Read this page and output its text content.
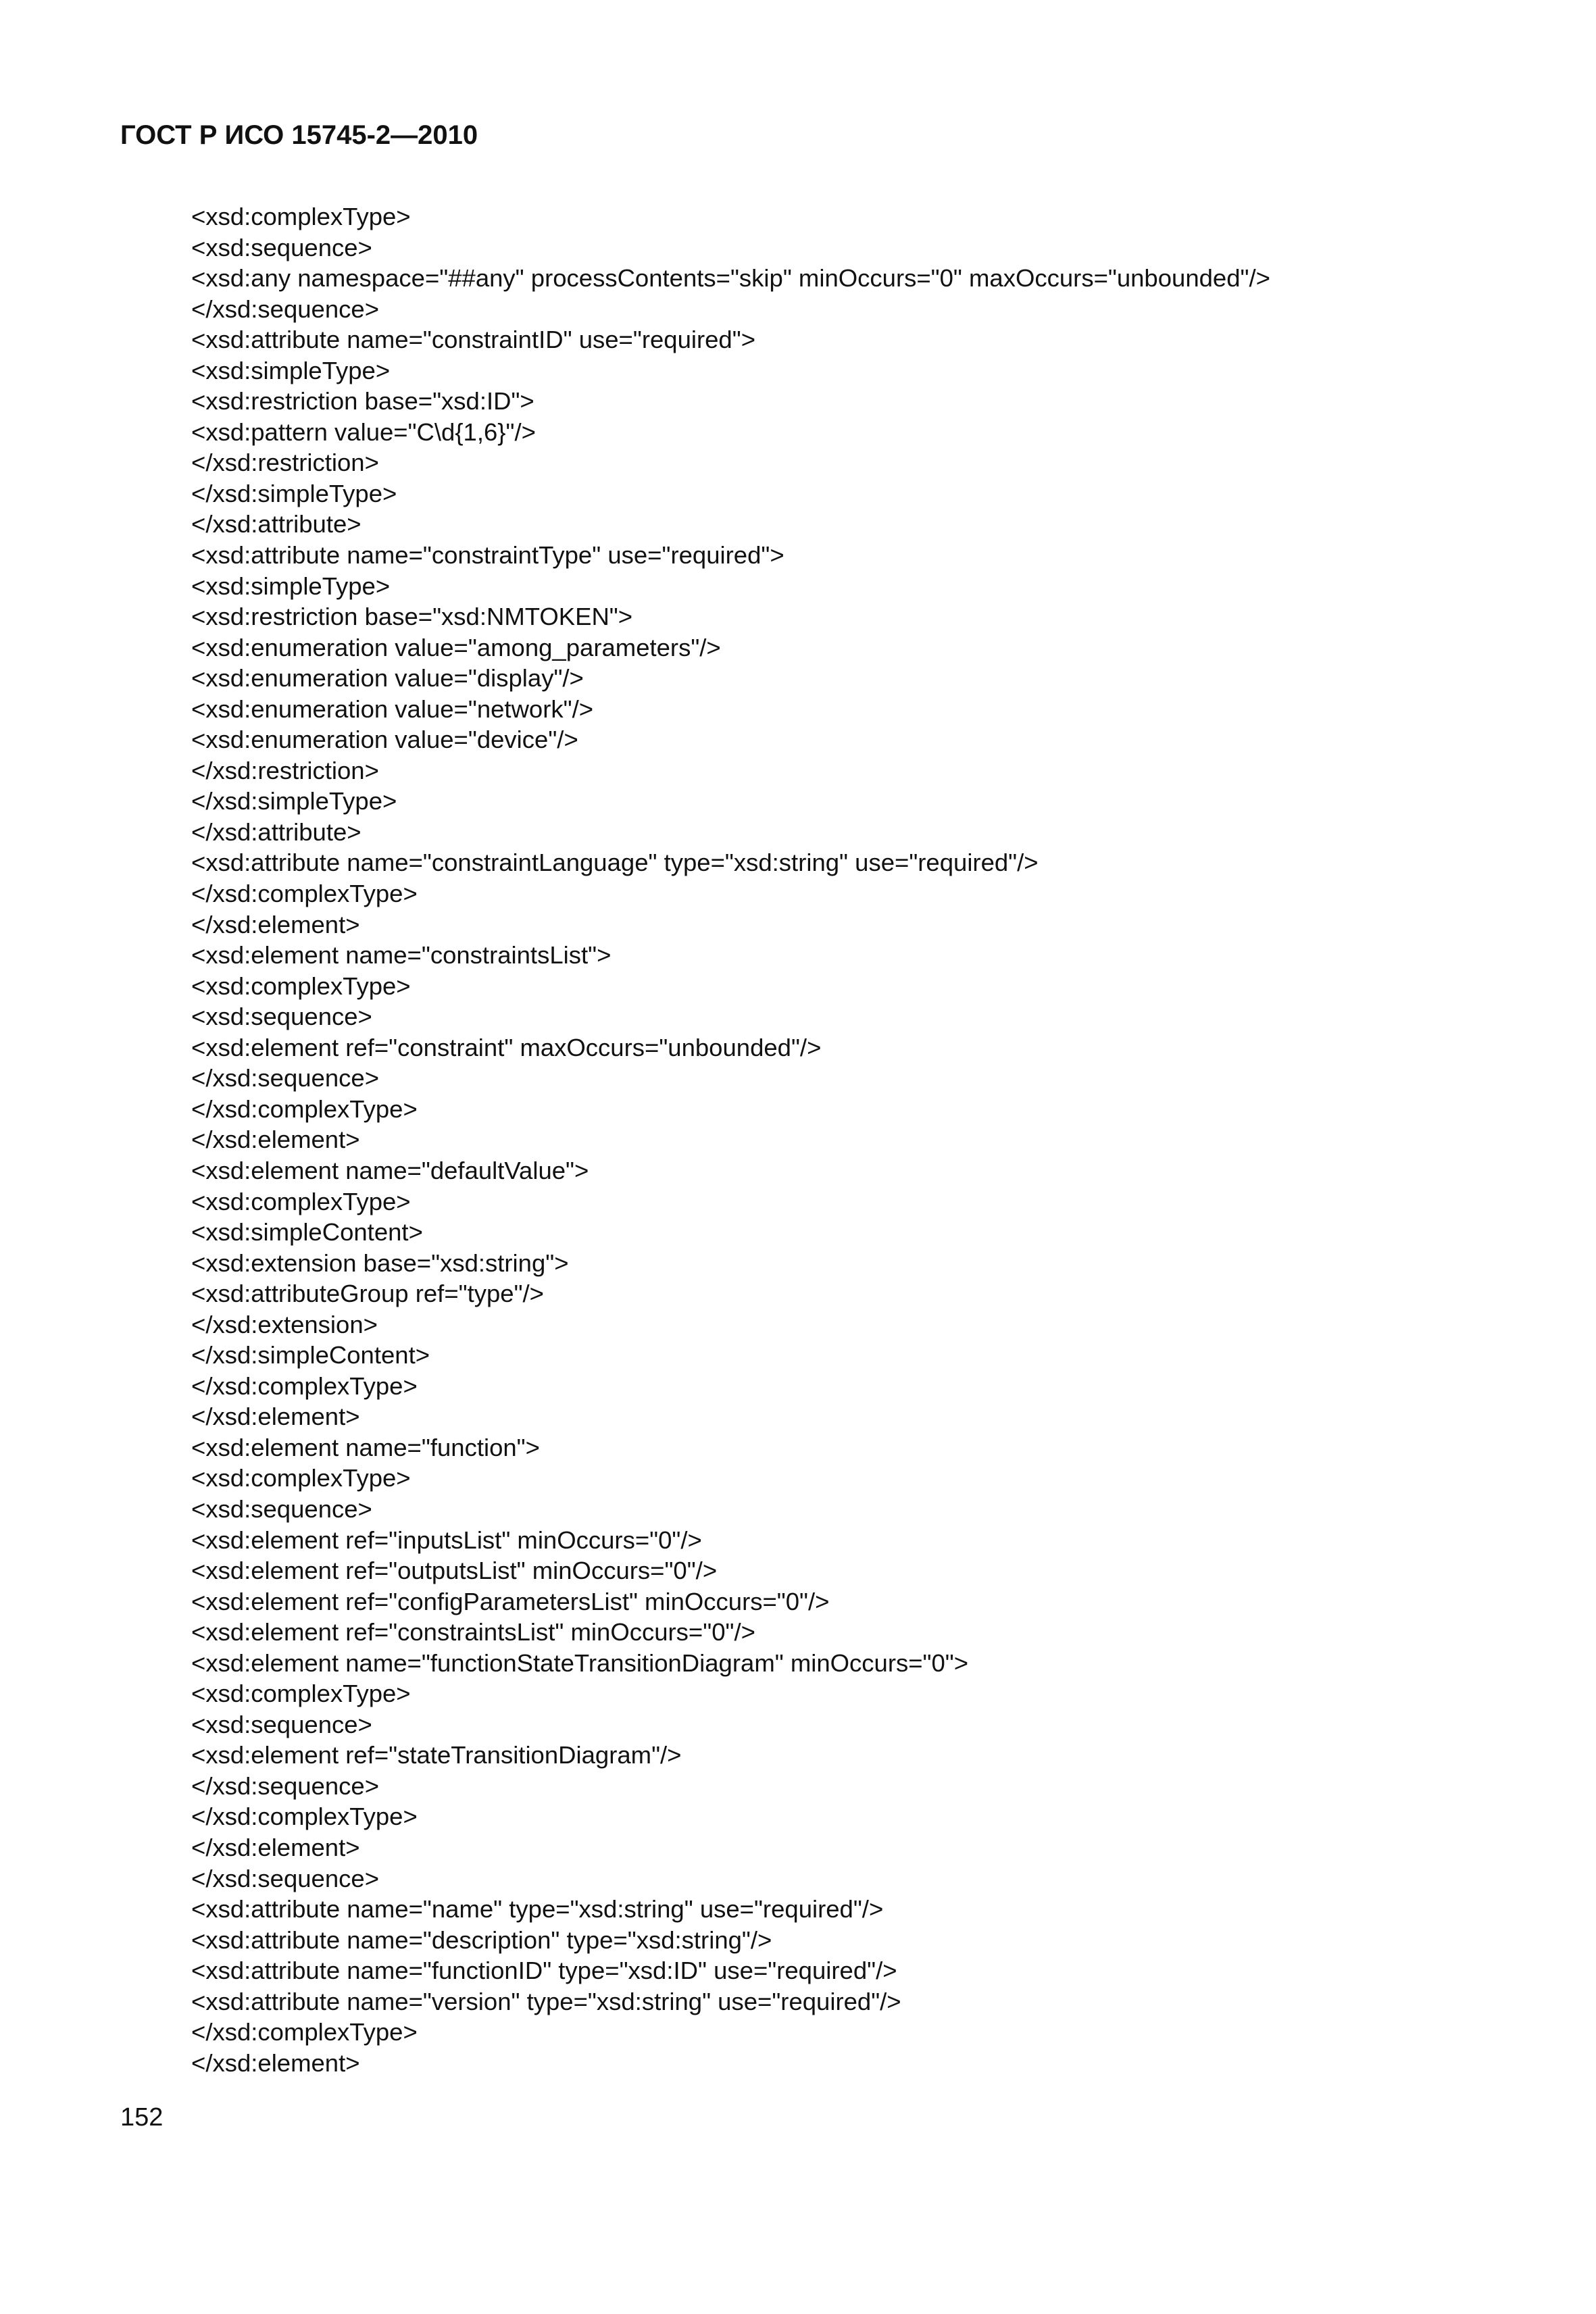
ГОСТ Р ИСО 15745-2—2010
<xsd:complexType>
<xsd:sequence>
<xsd:any namespace="##any" processContents="skip" minOccurs="0" maxOccurs="unbounded"/>
</xsd:sequence>
<xsd:attribute name="constraintID" use="required">
<xsd:simpleType>
<xsd:restriction base="xsd:ID">
<xsd:pattern value="C\d{1,6}"/>
</xsd:restriction>
</xsd:simpleType>
</xsd:attribute>
<xsd:attribute name="constraintType" use="required">
<xsd:simpleType>
<xsd:restriction base="xsd:NMTOKEN">
<xsd:enumeration value="among_parameters"/>
<xsd:enumeration value="display"/>
<xsd:enumeration value="network"/>
<xsd:enumeration value="device"/>
</xsd:restriction>
</xsd:simpleType>
</xsd:attribute>
<xsd:attribute name="constraintLanguage" type="xsd:string" use="required"/>
</xsd:complexType>
</xsd:element>
<xsd:element name="constraintsList">
<xsd:complexType>
<xsd:sequence>
<xsd:element ref="constraint" maxOccurs="unbounded"/>
</xsd:sequence>
</xsd:complexType>
</xsd:element>
<xsd:element name="defaultValue">
<xsd:complexType>
<xsd:simpleContent>
<xsd:extension base="xsd:string">
<xsd:attributeGroup ref="type"/>
</xsd:extension>
</xsd:simpleContent>
</xsd:complexType>
</xsd:element>
<xsd:element name="function">
<xsd:complexType>
<xsd:sequence>
<xsd:element ref="inputsList" minOccurs="0"/>
<xsd:element ref="outputsList" minOccurs="0"/>
<xsd:element ref="configParametersList" minOccurs="0"/>
<xsd:element ref="constraintsList" minOccurs="0"/>
<xsd:element name="functionStateTransitionDiagram" minOccurs="0">
<xsd:complexType>
<xsd:sequence>
<xsd:element ref="stateTransitionDiagram"/>
</xsd:sequence>
</xsd:complexType>
</xsd:element>
</xsd:sequence>
<xsd:attribute name="name" type="xsd:string" use="required"/>
<xsd:attribute name="description" type="xsd:string"/>
<xsd:attribute name="functionID" type="xsd:ID" use="required"/>
<xsd:attribute name="version" type="xsd:string" use="required"/>
</xsd:complexType>
</xsd:element>
152
